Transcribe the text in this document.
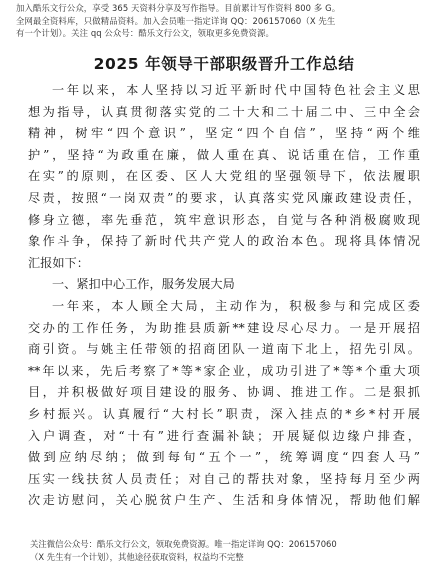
加入酷乐文行公众，享受 365 天资料分享及写作指导。目前累计写作资料 800 多 G。
全网最全资料库，只做精品资料。加入会员唯一指定详询 QQ：206157060（X 先生
有一个计划）。关注 qq 公众号：酷乐文行公文，领取更多免费资源。
2025 年领导干部职级晋升工作总结
一年以来，本人坚持以习近平新时代中国特色社会主义思
想为指导，认真贯彻落实党的二十大和二十届二中、三中全会
精神，树牢“四个意识”，坚定“四个自信”，坚持“两个维
护”，坚持“为政重在廉，做人重在真、说话重在信，工作重
在实”的原则，在区委、区人大党组的坚强领导下，依法履职
尽责，按照“一岗双责”的要求，认真落实党风廉政建设责任，
修身立德，率先垂范，筑牢意识形态，自觉与各种消极腐败现
象作斗争，保持了新时代共产党人的政治本色。现将具体情况
汇报如下：
一、紧扣中心工作，服务发展大局
一年来，本人顾全大局，主动作为，积极参与和完成区委
交办的工作任务，为助推县质新**建设尽心尽力。一是开展招
商引资。与姚主任带领的招商团队一道南下北上，招先引凤。
**年以来，先后考察了*等*家企业，成功引进了*等*个重大项
目，并积极做好项目建设的服务、协调、推进工作。二是狠抓
乡村振兴。认真履行“大村长”职责，深入挂点的*乡*村开展
入户调查，对“十有”进行查漏补缺；开展疑似边缘户排查，
做到应纳尽纳；做到每旬“五个一”，统筹调度“四套人马”
压实一线扶贫人员责任；对自己的帮扶对象，坚持每月至少两
次走访慰问，关心脱贫户生产、生活和身体情况，帮助他们解
关注微信公众号：酷乐文行公文，领取免费资源。唯一指定详询 QQ：206157060
（X 先生有一个计划），其他途径获取资料，权益均不完整
